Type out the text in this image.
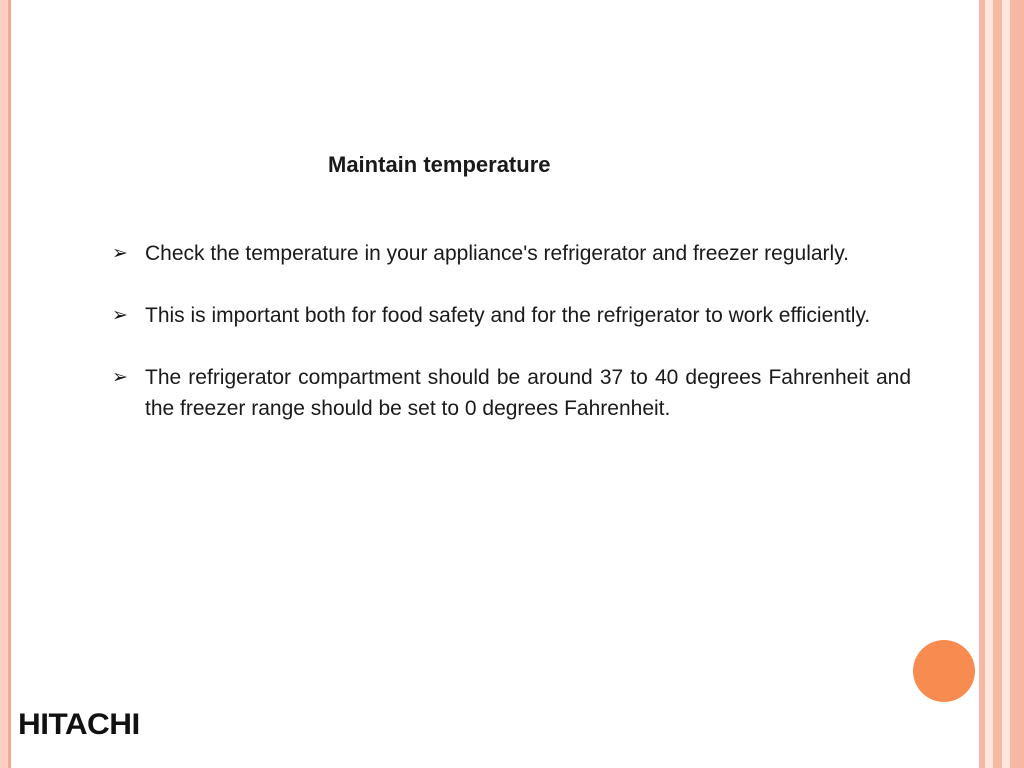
Maintain temperature
➢ Check the temperature in your appliance's refrigerator and freezer regularly.
➢ This is important both for food safety and for the refrigerator to work efficiently.
➢ The refrigerator compartment should be around 37 to 40 degrees Fahrenheit and the freezer range should be set to 0 degrees Fahrenheit.
HITACHI
